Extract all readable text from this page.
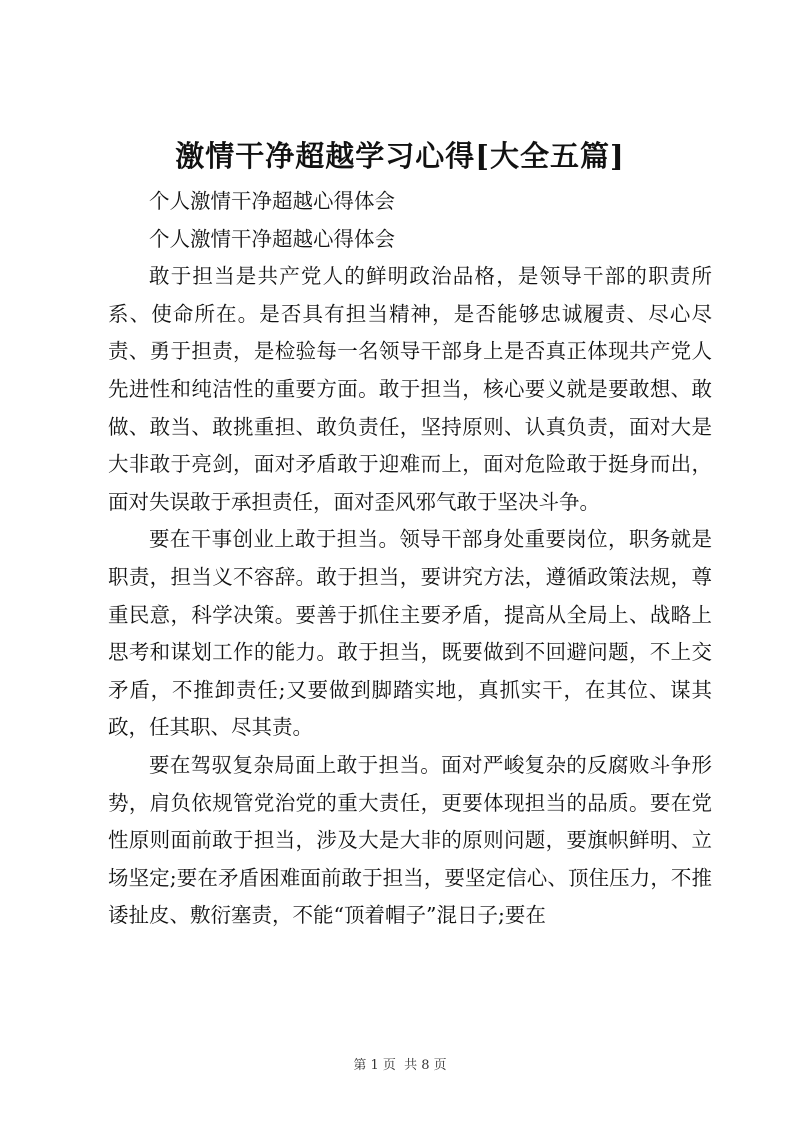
激情干净超越学习心得[大全五篇]

个人激情干净超越心得体会

个人激情干净超越心得体会

敢于担当是共产党人的鲜明政治品格，是领导干部的职责所系、使命所在。是否具有担当精神，是否能够忠诚履责、尽心尽责、勇于担责，是检验每一名领导干部身上是否真正体现共产党人先进性和纯洁性的重要方面。敢于担当，核心要义就是要敢想、敢做、敢当、敢挑重担、敢负责任，坚持原则、认真负责，面对大是大非敢于亮剑，面对矛盾敢于迎难而上，面对危险敢于挺身而出，面对失误敢于承担责任，面对歪风邪气敢于坚决斗争。

要在干事创业上敢于担当。领导干部身处重要岗位，职务就是职责，担当义不容辞。敢于担当，要讲究方法，遵循政策法规，尊重民意，科学决策。要善于抓住主要矛盾，提高从全局上、战略上思考和谋划工作的能力。敢于担当，既要做到不回避问题，不上交矛盾，不推卸责任;又要做到脚踏实地，真抓实干，在其位、谋其政，任其职、尽其责。

要在驾驭复杂局面上敢于担当。面对严峻复杂的反腐败斗争形势，肩负依规管党治党的重大责任，更要体现担当的品质。要在党性原则面前敢于担当，涉及大是大非的原则问题，要旗帜鲜明、立场坚定;要在矛盾困难面前敢于担当，要坚定信心、顶住压力，不推诿扯皮、敷衍塞责，不能“顶着帽子”混日子;要在

第 1 页 共 8 页
